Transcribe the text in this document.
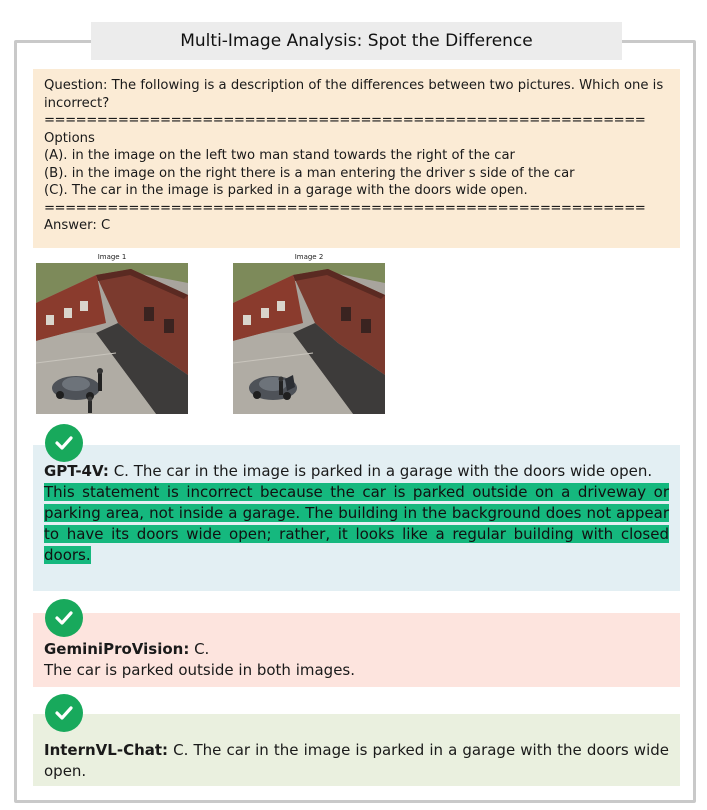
Multi-Image Analysis: Spot the Difference
Question: The following is a description of the differences between two pictures. Which one is incorrect?
=========================================================
Options
(A). in the image on the left two man stand towards the right of the car
(B). in the image on the right there is a man entering the driver s side of the car
(C). The car in the image is parked in a garage with the doors wide open.
=========================================================
Answer: C
Image 1	Image 2
GPT-4V: C. The car in the image is parked in a garage with the doors wide open.
This statement is incorrect because the car is parked outside on a driveway or parking area, not inside a garage. The building in the background does not appear to have its doors wide open; rather, it looks like a regular building with closed doors.
GeminiProVision: C.
The car is parked outside in both images.
InternVL-Chat: C. The car in the image is parked in a garage with the doors wide open.
